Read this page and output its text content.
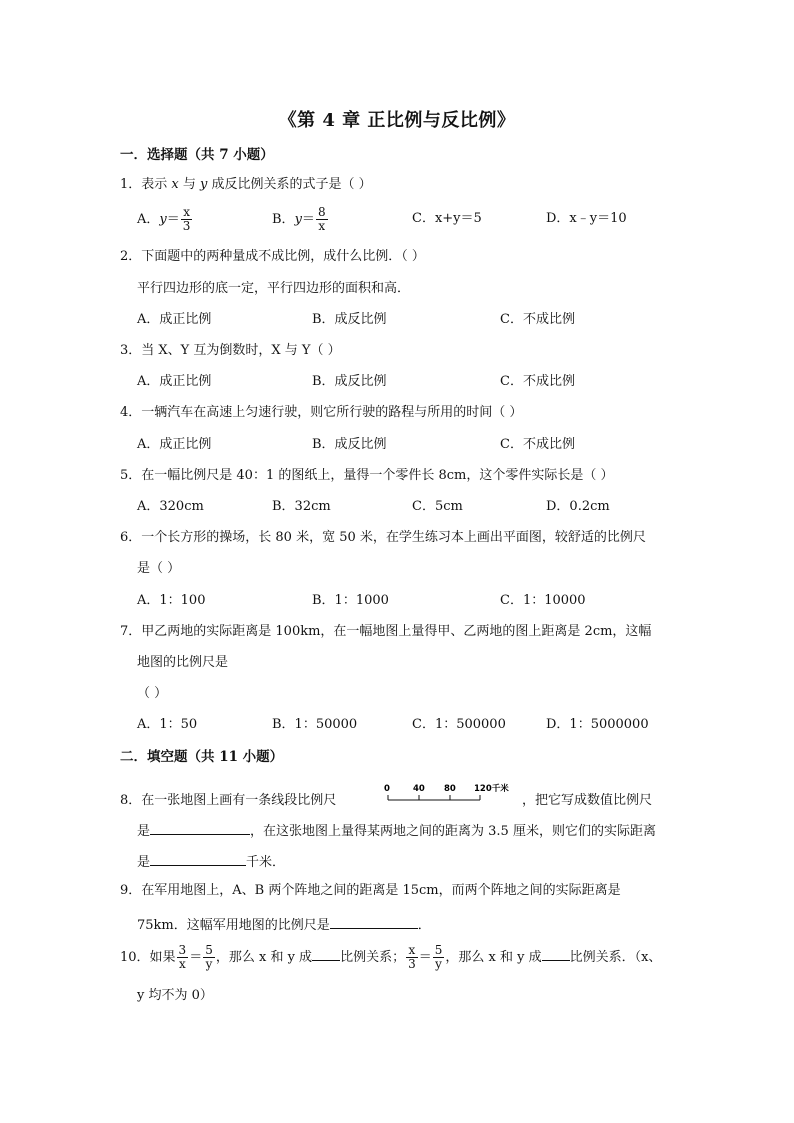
《第 4 章 正比例与反比例》
一．选择题（共 7 小题）
1．表示 x 与 y 成反比例关系的式子是（ ）
A．$y= \frac{x}{3}$	B．$y= \frac{8}{x}$	C．x+y＝5	D．x﹣y＝10
2．下面题中的两种量成不成比例，成什么比例．（ ）
平行四边形的底一定，平行四边形的面积和高．
A．成正比例	B．成反比例	C．不成比例
3．当 X、Y 互为倒数时，X 与 Y（ ）
A．成正比例	B．成反比例	C．不成比例
4．一辆汽车在高速上匀速行驶，则它所行驶的路程与所用的时间（ ）
A．成正比例	B．成反比例	C．不成比例
5．在一幅比例尺是 40：1 的图纸上，量得一个零件长 8cm，这个零件实际长是（ ）
A．320cm	B．32cm	C．5cm	D．0.2cm
6．一个长方形的操场，长 80 米，宽 50 米，在学生练习本上画出平面图，较舒适的比例尺
是（ ）
A．1：100	B．1：1000	C．1：10000
7．甲乙两地的实际距离是 100km，在一幅地图上量得甲、乙两地的图上距离是 2cm，这幅
地图的比例尺是
（ ）
A．1：50	B．1：50000	C．1：500000	D．1：5000000
二．填空题（共 11 小题）
8．在一张地图上画有一条线段比例尺
0	40 80 120千米
，把它写成数值比例尺
是	，在这张地图上量得某两地之间的距离为 3.5 厘米，则它们的实际距离
是	千米．
9．在军用地图上，A、B 两个阵地之间的距离是 15cm，而两个阵地之间的实际距离是
75km．这幅军用地图的比例尺是	．
10．如果 $\frac{3}{x} = \frac{5}{y}$ ，那么 x 和 y 成 比例关系； $\frac{x}{3} = \frac{5}{y}$ ，那么 x 和 y 成 比例关系．（x、
y 均不为 0）
